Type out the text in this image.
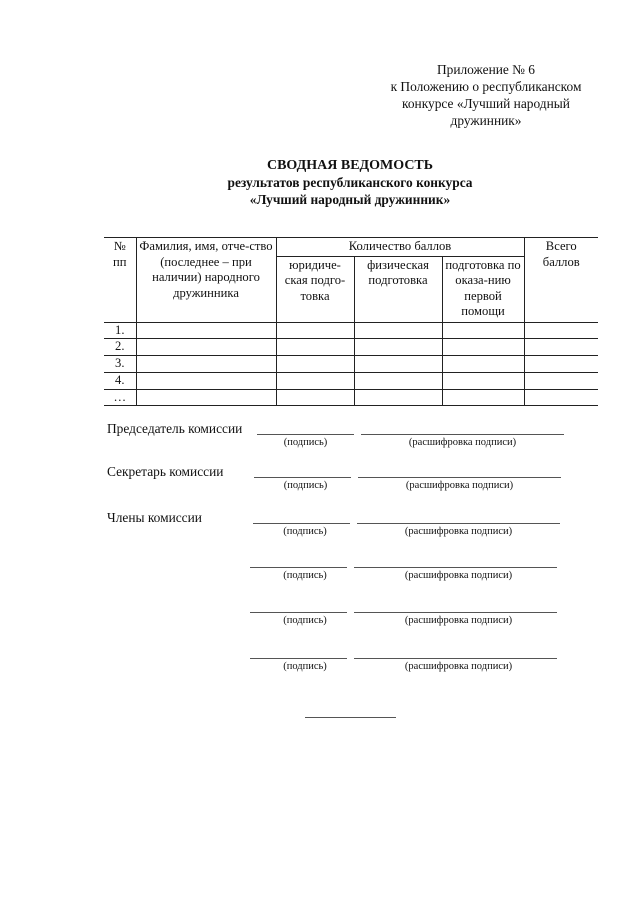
Приложение № 6
к Положению о республиканском
конкурсе «Лучший народный
дружинник»
СВОДНАЯ ВЕДОМОСТЬ
результатов республиканского конкурса
«Лучший народный дружинник»
№ пп	Фамилия, имя, отче-ство (последнее – при наличии) народного дружинника	Количество баллов			Всего баллов
		юридиче-ская подго-товка	физическая подготовка	подготовка по оказа-нию первой помощи	
1.					
2.					
3.					
4.					
…					
Председатель комиссии
(подпись)	(расшифровка подписи)
Секретарь комиссии
(подпись)	(расшифровка подписи)
Члены комиссии
(подпись)	(расшифровка подписи)
(подпись)	(расшифровка подписи)
(подпись)	(расшифровка подписи)
(подпись)	(расшифровка подписи)
